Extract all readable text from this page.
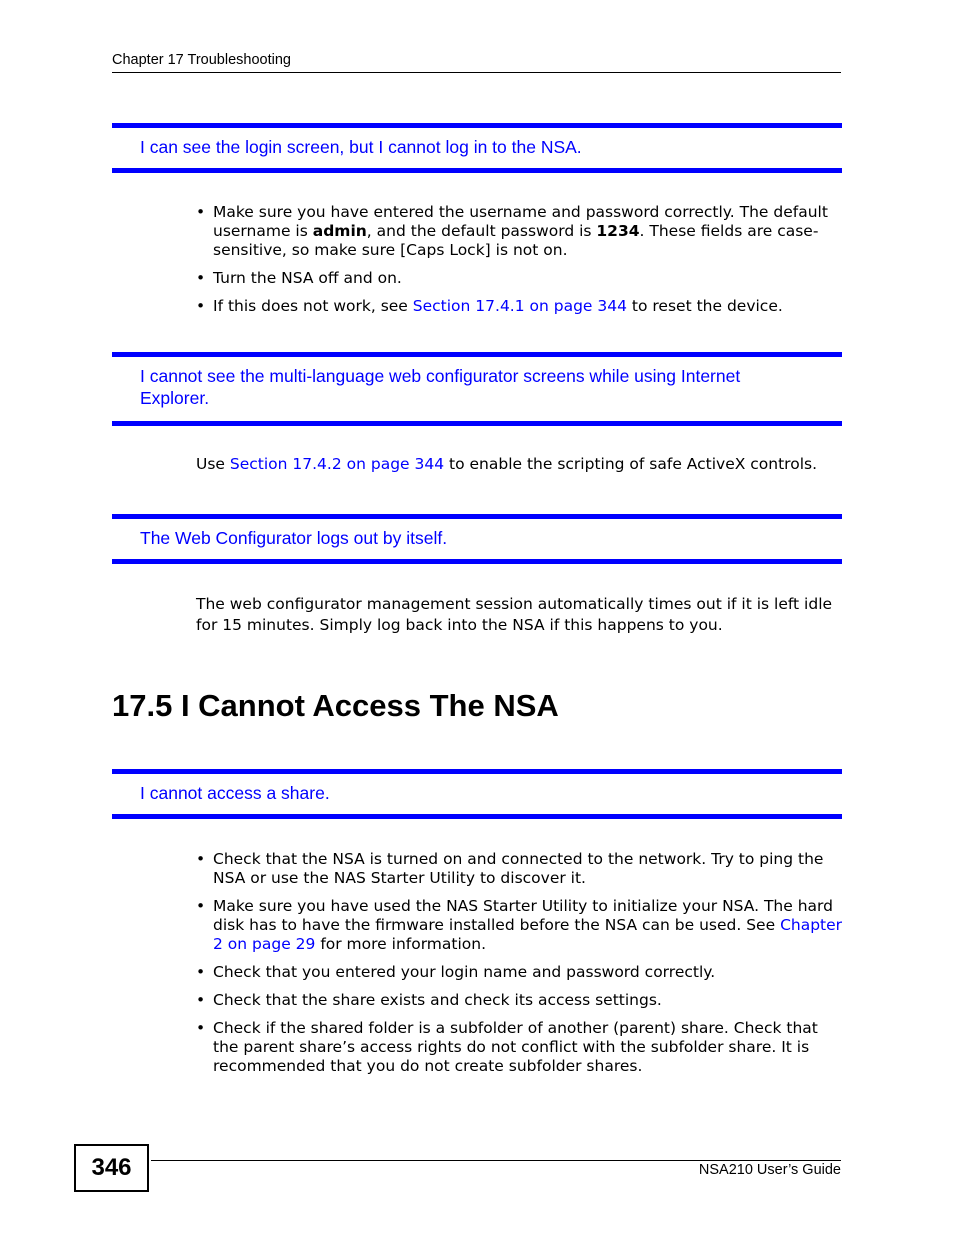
Chapter 17 Troubleshooting
I can see the login screen, but I cannot log in to the NSA.
• Make sure you have entered the username and password correctly. The default username is admin, and the default password is 1234. These fields are case-sensitive, so make sure [Caps Lock] is not on.
• Turn the NSA off and on.
• If this does not work, see Section 17.4.1 on page 344 to reset the device.
I cannot see the multi-language web configurator screens while using Internet Explorer.
Use Section 17.4.2 on page 344 to enable the scripting of safe ActiveX controls.
The Web Configurator logs out by itself.
The web configurator management session automatically times out if it is left idle for 15 minutes. Simply log back into the NSA if this happens to you.
17.5 I Cannot Access The NSA
I cannot access a share.
• Check that the NSA is turned on and connected to the network. Try to ping the NSA or use the NAS Starter Utility to discover it.
• Make sure you have used the NAS Starter Utility to initialize your NSA. The hard disk has to have the firmware installed before the NSA can be used. See Chapter 2 on page 29 for more information.
• Check that you entered your login name and password correctly.
• Check that the share exists and check its access settings.
• Check if the shared folder is a subfolder of another (parent) share. Check that the parent share’s access rights do not conflict with the subfolder share. It is recommended that you do not create subfolder shares.
346	NSA210 User’s Guide
